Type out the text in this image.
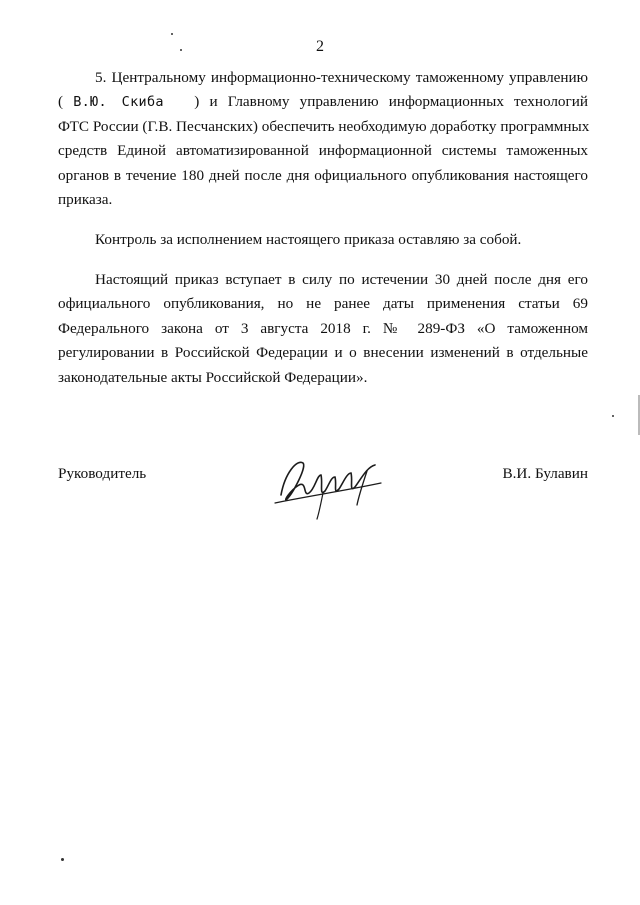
2
5. Центральному информационно-техническому таможенному управлению
( В.Ю. Скиба ) и Главному управлению информационных технологий
ФТС России (Г.В. Песчанских) обеспечить необходимую доработку программных
средств Единой автоматизированной информационной системы таможенных
органов в течение 180 дней после дня официального опубликования настоящего
приказа.
Контроль за исполнением настоящего приказа оставляю за собой.
Настоящий приказ вступает в силу по истечении 30 дней после дня его
официального опубликования, но не ранее даты применения статьи 69
Федерального закона от 3 августа 2018 г. № 289-ФЗ «О таможенном
регулировании в Российской Федерации и о внесении изменений в отдельные
законодательные акты Российской Федерации».
Руководитель	В.И. Булавин
